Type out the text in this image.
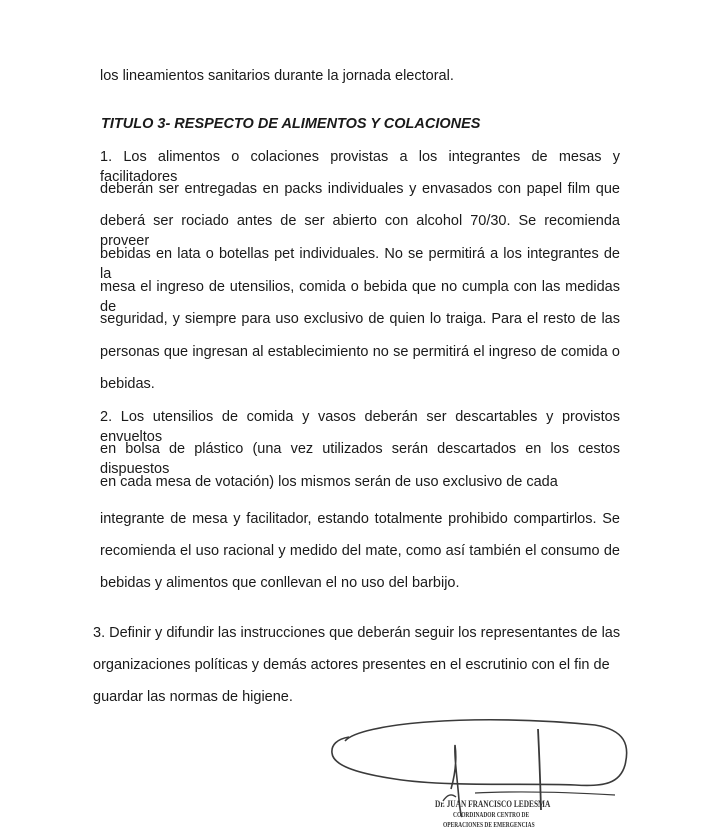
los lineamientos sanitarios durante la jornada electoral.
TITULO 3- RESPECTO DE ALIMENTOS Y COLACIONES
1. Los alimentos o colaciones provistas a los integrantes de mesas y facilitadores
deberán ser entregadas en packs individuales y envasados con papel film que
deberá ser rociado antes de ser abierto con alcohol 70/30. Se recomienda proveer
bebidas en lata o botellas pet individuales. No se permitirá a los integrantes de la
mesa el ingreso de utensilios, comida o bebida que no cumpla con las medidas de
seguridad, y siempre para uso exclusivo de quien lo traiga. Para el resto de las
personas que ingresan al establecimiento no se permitirá el ingreso de comida o
bebidas.
2. Los utensilios de comida y vasos deberán ser descartables y provistos envueltos
en bolsa de plástico (una vez utilizados serán descartados en los cestos dispuestos
en cada mesa de votación) los mismos serán de uso exclusivo de cada
integrante de mesa y facilitador, estando totalmente prohibido compartirlos. Se
recomienda el uso racional y medido del mate, como así también el consumo de
bebidas y alimentos que conllevan el no uso del barbijo.
3. Definir y difundir las instrucciones que deberán seguir los representantes de las
organizaciones políticas y demás actores presentes en el escrutinio con el fin de
guardar las normas de higiene.
Dr. JUAN FRANCISCO LEDESMA
COORDINADOR CENTRO DE
OPERACIONES DE EMERGENCIAS
